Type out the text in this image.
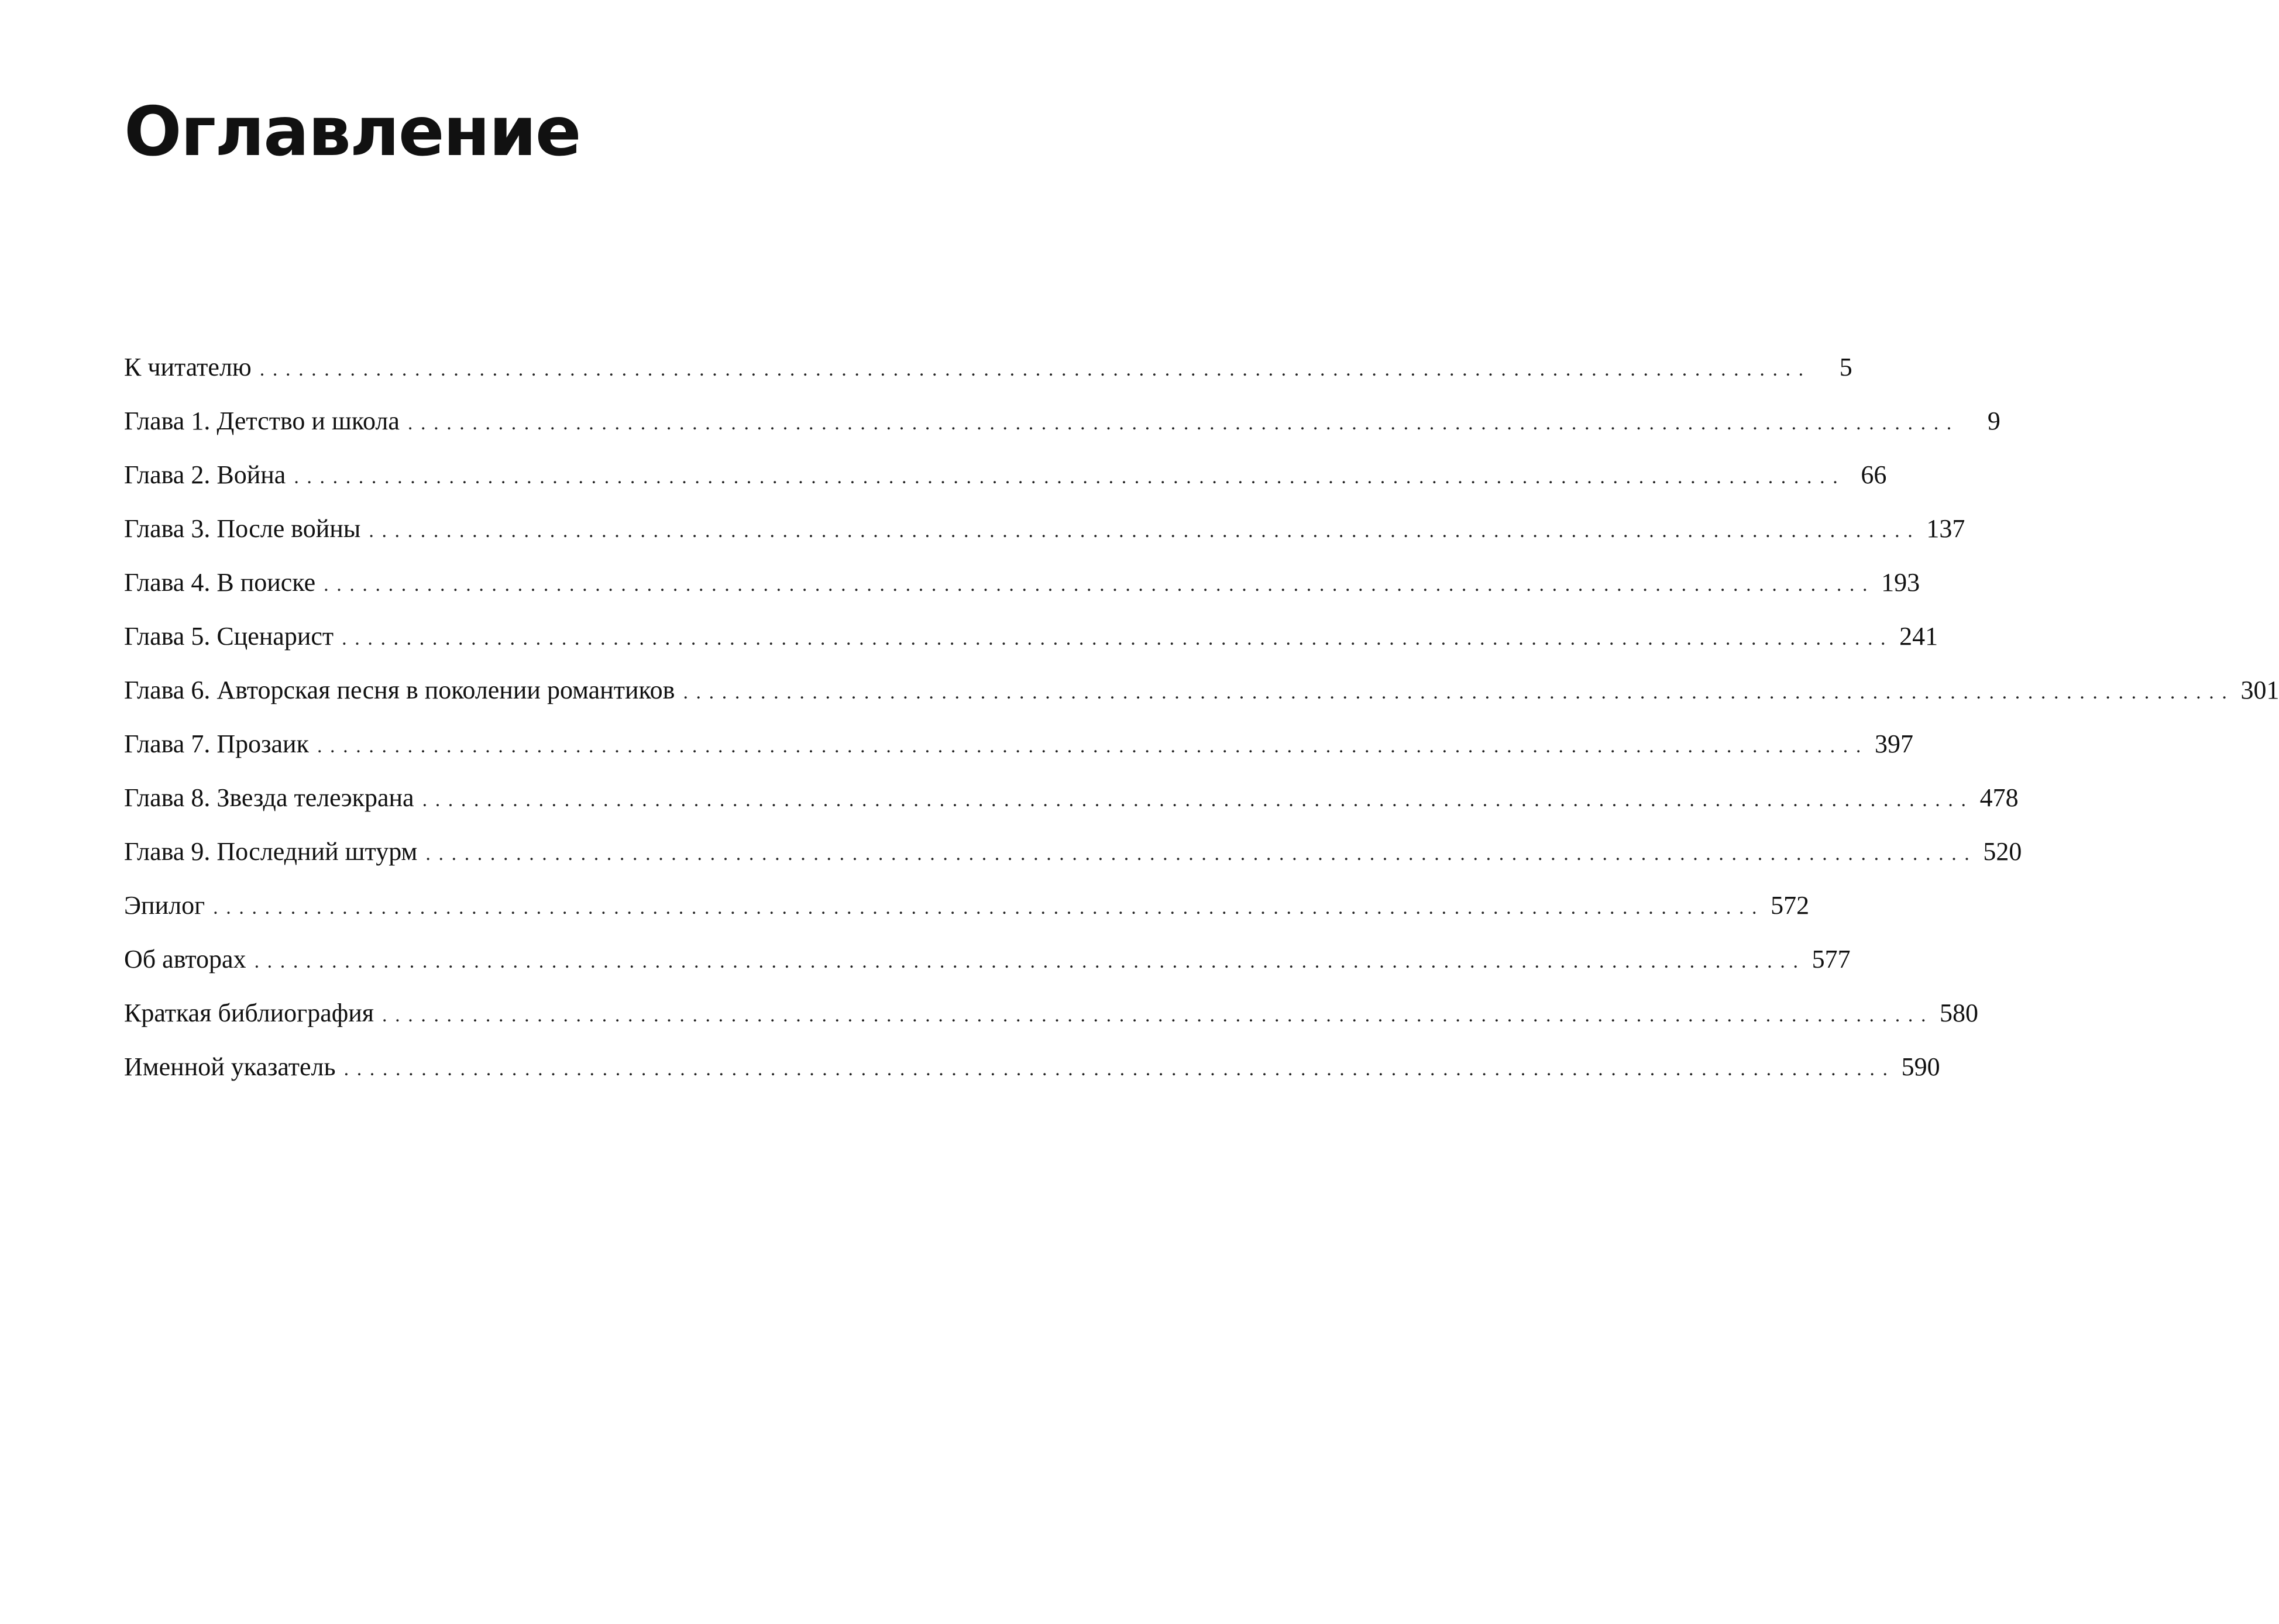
Оглавление
К читателю ........................................................................................................................	5
Глава 1. Детство и школа ........................................................................................................................	9
Глава 2. Война ........................................................................................................................ 66
Глава 3. После войны ........................................................................................................................ 137
Глава 4. В поиске ........................................................................................................................ 193
Глава 5. Сценарист ........................................................................................................................ 241
Глава 6. Авторская песня в поколении романтиков ........................................................................................................................ 301
Глава 7. Прозаик ........................................................................................................................ 397
Глава 8. Звезда телеэкрана ........................................................................................................................ 478
Глава 9. Последний штурм ........................................................................................................................ 520
Эпилог ........................................................................................................................ 572
Об авторах ........................................................................................................................ 577
Краткая библиография ........................................................................................................................ 580
Именной указатель ........................................................................................................................ 590
